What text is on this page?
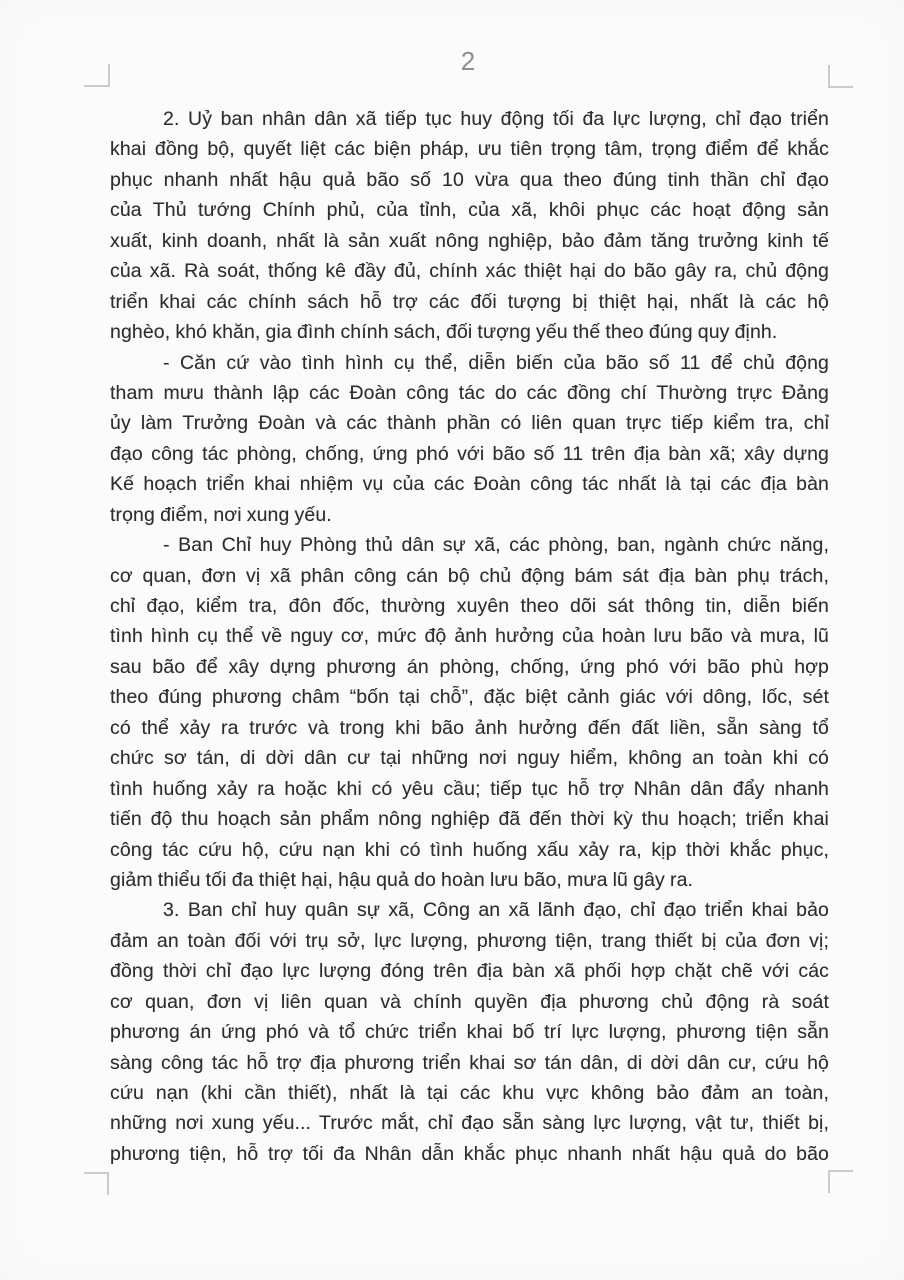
2
2. Uỷ ban nhân dân xã tiếp tục huy động tối đa lực lượng, chỉ đạo triển
khai đồng bộ, quyết liệt các biện pháp, ưu tiên trọng tâm, trọng điểm để khắc
phục nhanh nhất hậu quả bão số 10 vừa qua theo đúng tinh thần chỉ đạo
của Thủ tướng Chính phủ, của tỉnh, của xã, khôi phục các hoạt động sản
xuất, kinh doanh, nhất là sản xuất nông nghiệp, bảo đảm tăng trưởng kinh tế
của xã. Rà soát, thống kê đầy đủ, chính xác thiệt hại do bão gây ra, chủ động
triển khai các chính sách hỗ trợ các đối tượng bị thiệt hại, nhất là các hộ
nghèo, khó khăn, gia đình chính sách, đối tượng yếu thế theo đúng quy định.
- Căn cứ vào tình hình cụ thể, diễn biến của bão số 11 để chủ động
tham mưu thành lập các Đoàn công tác do các đồng chí Thường trực Đảng
ủy làm Trưởng Đoàn và các thành phần có liên quan trực tiếp kiểm tra, chỉ
đạo công tác phòng, chống, ứng phó với bão số 11 trên địa bàn xã; xây dựng
Kế hoạch triển khai nhiệm vụ của các Đoàn công tác nhất là tại các địa bàn
trọng điểm, nơi xung yếu.
- Ban Chỉ huy Phòng thủ dân sự xã, các phòng, ban, ngành chức năng,
cơ quan, đơn vị xã phân công cán bộ chủ động bám sát địa bàn phụ trách,
chỉ đạo, kiểm tra, đôn đốc, thường xuyên theo dõi sát thông tin, diễn biến
tình hình cụ thể về nguy cơ, mức độ ảnh hưởng của hoàn lưu bão và mưa, lũ
sau bão để xây dựng phương án phòng, chống, ứng phó với bão phù hợp
theo đúng phương châm “bốn tại chỗ”, đặc biệt cảnh giác với dông, lốc, sét
có thể xảy ra trước và trong khi bão ảnh hưởng đến đất liền, sẵn sàng tổ
chức sơ tán, di dời dân cư tại những nơi nguy hiểm, không an toàn khi có
tình huống xảy ra hoặc khi có yêu cầu; tiếp tục hỗ trợ Nhân dân đẩy nhanh
tiến độ thu hoạch sản phẩm nông nghiệp đã đến thời kỳ thu hoạch; triển khai
công tác cứu hộ, cứu nạn khi có tình huống xấu xảy ra, kịp thời khắc phục,
giảm thiểu tối đa thiệt hại, hậu quả do hoàn lưu bão, mưa lũ gây ra.
3. Ban chỉ huy quân sự xã, Công an xã lãnh đạo, chỉ đạo triển khai bảo
đảm an toàn đối với trụ sở, lực lượng, phương tiện, trang thiết bị của đơn vị;
đồng thời chỉ đạo lực lượng đóng trên địa bàn xã phối hợp chặt chẽ với các
cơ quan, đơn vị liên quan và chính quyền địa phương chủ động rà soát
phương án ứng phó và tổ chức triển khai bố trí lực lượng, phương tiện sẵn
sàng công tác hỗ trợ địa phương triển khai sơ tán dân, di dời dân cư, cứu hộ
cứu nạn (khi cần thiết), nhất là tại các khu vực không bảo đảm an toàn,
những nơi xung yếu... Trước mắt, chỉ đạo sẵn sàng lực lượng, vật tư, thiết bị,
phương tiện, hỗ trợ tối đa Nhân dẫn khắc phục nhanh nhất hậu quả do bão
